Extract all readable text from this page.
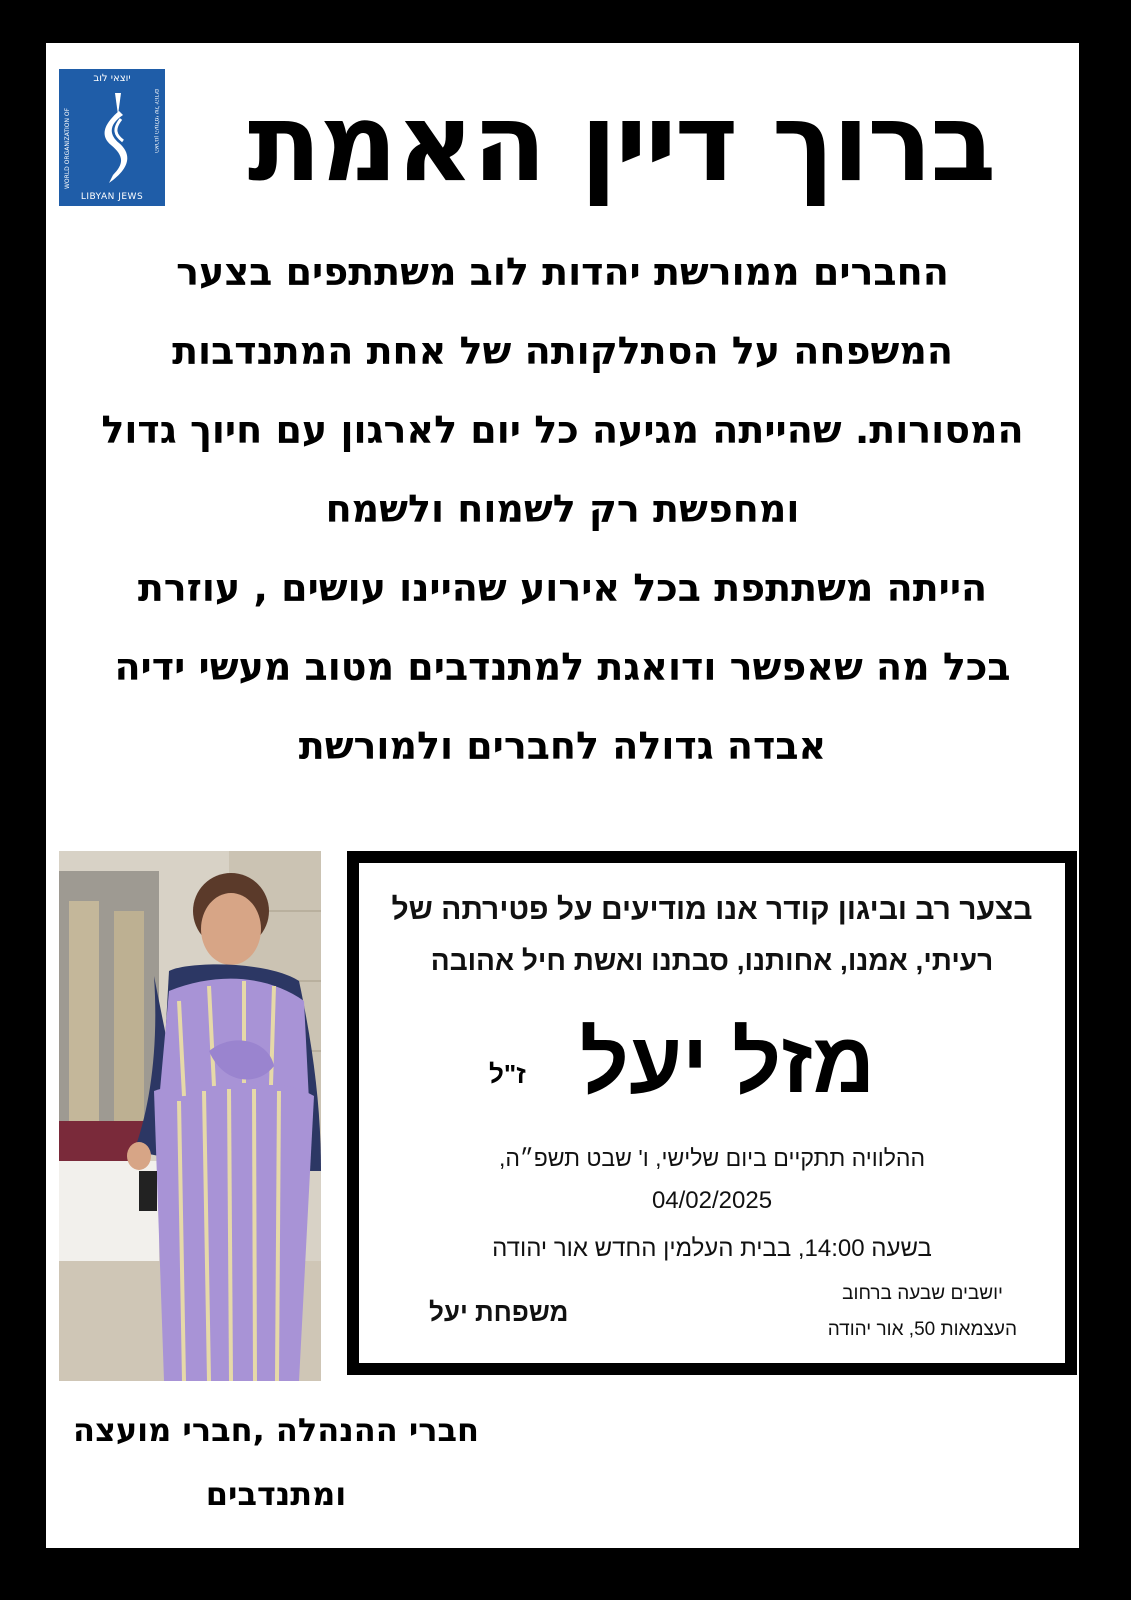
יוצאי לוב
הארגון העולמי של יהודים
WORLD ORGANIZATION OF
LIBYAN JEWS ברוך דיין האמת
החברים ממורשת יהדות לוב משתתפים בצער
המשפחה על הסתלקותה של אחת המתנדבות
המסורות. שהייתה מגיעה כל יום לארגון עם חיוך גדול
ומחפשת רק לשמוח ולשמח
הייתה משתתפת בכל אירוע שהיינו עושים , עוזרת
בכל מה שאפשר ודואגת למתנדבים מטוב מעשי ידיה
אבדה גדולה לחברים ולמורשת
בצער רב וביגון קודר אנו מודיעים על פטירתה של
רעיתי, אמנו, אחותנו, סבתנו ואשת חיל אהובה
מזל יעל
ז"ל
ההלוויה תתקיים ביום שלישי, ו' שבט תשפ״ה,
04/02/2025
בשעה 14:00, בבית העלמין החדש אור יהודה
יושבים שבעה ברחוב
העצמאות 50, אור יהודה
משפחת יעל
חברי ההנהלה ,חברי מועצה
ומתנדבים
